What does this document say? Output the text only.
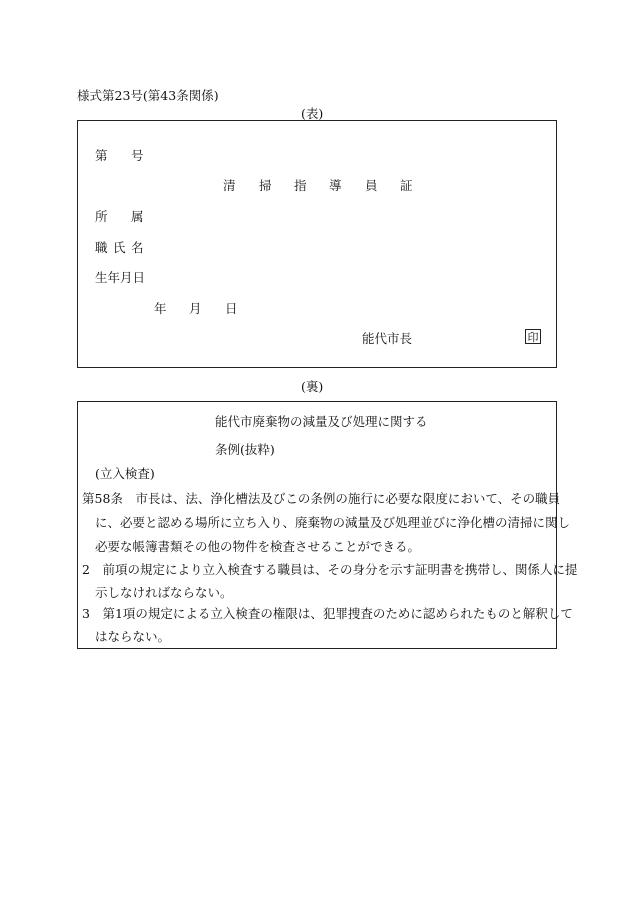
様式第23号(第43条関係)
(表)
第 号
清 掃 指 導 員 証
所 属
職 氏 名
生年月日
年 月 日
能代市長	印
(裏)
能代市廃棄物の減量及び処理に関する
条例(抜粋)
(立入検査)
第58条　市長は、法、浄化槽法及びこの条例の施行に必要な限度において、その職員
に、必要と認める場所に立ち入り、廃棄物の減量及び処理並びに浄化槽の清掃に関し
必要な帳簿書類その他の物件を検査させることができる。
2　前項の規定により立入検査する職員は、その身分を示す証明書を携帯し、関係人に提
示しなければならない。
3　第1項の規定による立入検査の権限は、犯罪捜査のために認められたものと解釈して
はならない。
